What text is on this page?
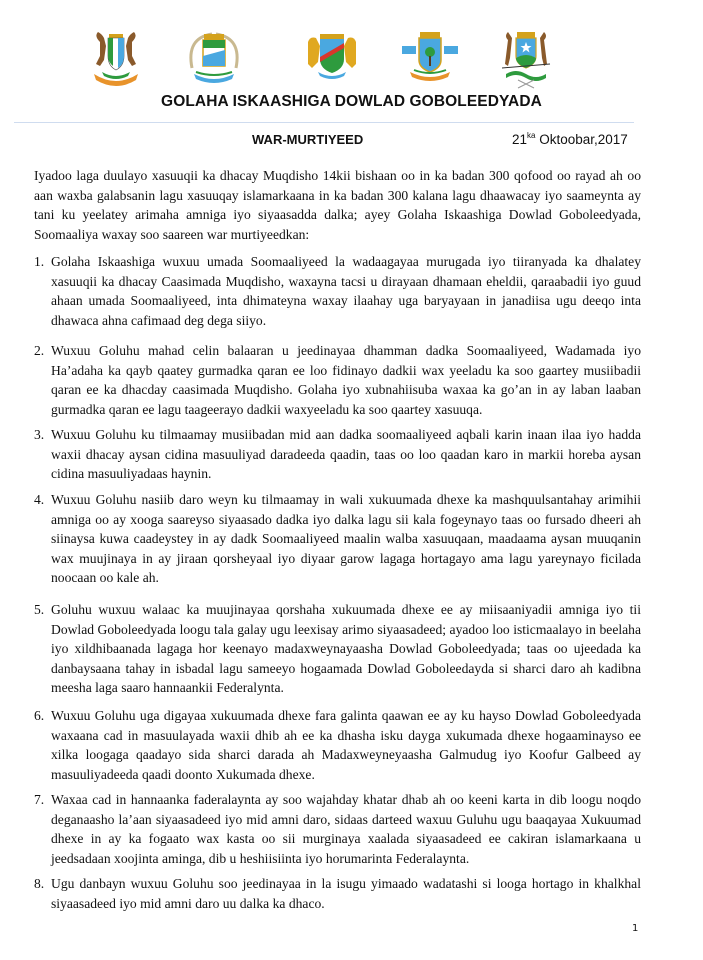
GOLAHA ISKAASHIGA DOWLAD GOBOLEEDYADA
WAR-MURTIYEED	$21^{ka}$ Oktoobar,2017

Iyadoo laga duulayo xasuuqii ka dhacay Muqdisho 14kii bishaan oo in ka badan 300 qofood oo rayad ah oo aan waxba galabsanin lagu xasuuqay islamarkaana in ka badan 300 kalana lagu dhaawacay iyo saameynta ay tani ku yeelatey arimaha amniga iyo siyaasadda dalka; ayey Golaha Iskaashiga Dowlad Goboleedyada, Soomaaliya waxay soo saareen war murtiyeedkan:

1. Golaha Iskaashiga wuxuu umada Soomaaliyeed la wadaagayaa murugada iyo tiiranyada ka dhalatey xasuuqii ka dhacay Caasimada Muqdisho, waxayna tacsi u dirayaan dhamaan eheldii, qaraabadii iyo guud ahaan umada Soomaaliyeed, inta dhimateyna waxay ilaahay uga baryayaan in janadiisa ugu deeqo inta dhawaca ahna cafimaad deg dega siiyo.
2. Wuxuu Goluhu mahad celin balaaran u jeedinayaa dhamman dadka Soomaaliyeed, Wadamada iyo Ha’adaha ka qayb qaatey gurmadka qaran ee loo fidinayo dadkii wax yeeladu ka soo gaartey musiibadii qaran ee ka dhacday caasimada Muqdisho. Golaha iyo xubnahiisuba waxaa ka go’an in ay laban laaban gurmadka qaran ee lagu taageerayo dadkii waxyeeladu ka soo qaartey xasuuqa.
3. Wuxuu Goluhu ku tilmaamay musiibadan mid aan dadka soomaaliyeed aqbali karin inaan ilaa iyo hadda waxii dhacay aysan cidina masuuliyad daradeeda qaadin, taas oo loo qaadan karo in markii horeba aysan cidina masuuliyadaas haynin.
4. Wuxuu Goluhu nasiib daro weyn ku tilmaamay in wali xukuumada dhexe ka mashquulsantahay arimihii amniga oo ay xooga saareyso siyaasado dadka iyo dalka lagu sii kala fogeynayo taas oo fursado dheeri ah siinaysa kuwa caadeystey in ay dadk Soomaaliyeed maalin walba xasuuqaan, maadaama aysan muuqanin wax muujinaya in ay jiraan qorsheyaal iyo diyaar garow lagaga hortagayo ama lagu yareynayo ficilada noocaan oo kale ah.
5. Goluhu wuxuu walaac ka muujinayaa qorshaha xukuumada dhexe ee ay miisaaniyadii amniga iyo tii Dowlad Goboleedyada loogu tala galay ugu leexisay arimo siyaasadeed; ayadoo loo isticmaalayo in beelaha iyo xildhibaanada lagaga hor keenayo madaxweynayaasha Dowlad Goboleedyada; taas oo ujeedada ka danbaysaana tahay in isbadal lagu sameeyo hogaamada Dowlad Goboleedayda si sharci daro ah kadibna meesha laga saaro hannaankii Federalynta.
6. Wuxuu Goluhu uga digayaa xukuumada dhexe fara galinta qaawan ee ay ku hayso Dowlad Goboleedyada waxaana cad in masuulayada waxii dhib ah ee ka dhasha isku dayga xukumada dhexe hogaaminayso ee xilka loogaga qaadayo sida sharci darada ah Madaxweyneyaasha Galmudug iyo Koofur Galbeed ay masuuliyadeeda qaadi doonto Xukumada dhexe.
7. Waxaa cad in hannaanka faderalaynta ay soo wajahday khatar dhab ah oo keeni karta in dib loogu noqdo deganaasho la’aan siyaasadeed iyo mid amni daro, sidaas darteed waxuu Guluhu ugu baaqayaa Xukuumad dhexe in ay ka fogaato wax kasta oo sii murginaya xaalada siyaasadeed ee cakiran islamarkaana u jeedsadaan xoojinta aminga, dib u heshiisiinta iyo horumarinta Federalaynta.
8. Ugu danbayn wuxuu Goluhu soo jeedinayaa in la isugu yimaado wadatashi si looga hortago in khalkhal siyaasadeed iyo mid amni daro uu dalka ka dhaco.
1
